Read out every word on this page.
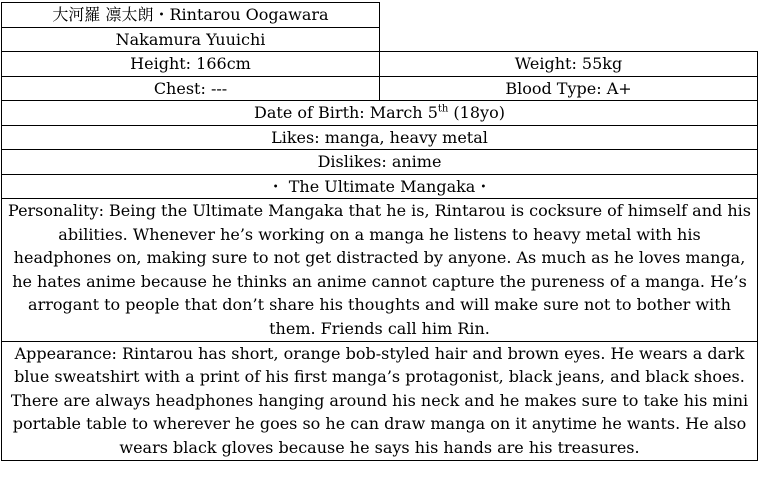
大河羅 凛太朗・Rintarou Oogawara	
Nakamura Yuuichi	
Height: 166cm	Weight: 55kg
Chest: ---	Blood Type: A+
Date of Birth: March 5th (18yo)	
Likes: manga, heavy metal	
Dislikes: anime	
・ The Ultimate Mangaka・	
Personality: Being the Ultimate Mangaka that he is, Rintarou is cocksure of himself and his abilities. Whenever he’s working on a manga he listens to heavy metal with his headphones on, making sure to not get distracted by anyone. As much as he loves manga, he hates anime because he thinks an anime cannot capture the pureness of a manga. He’s arrogant to people that don’t share his thoughts and will make sure not to bother with them. Friends call him Rin.	
Appearance: Rintarou has short, orange bob-styled hair and brown eyes. He wears a dark blue sweatshirt with a print of his first manga’s protagonist, black jeans, and black shoes. There are always headphones hanging around his neck and he makes sure to take his mini portable table to wherever he goes so he can draw manga on it anytime he wants. He also wears black gloves because he says his hands are his treasures.	
